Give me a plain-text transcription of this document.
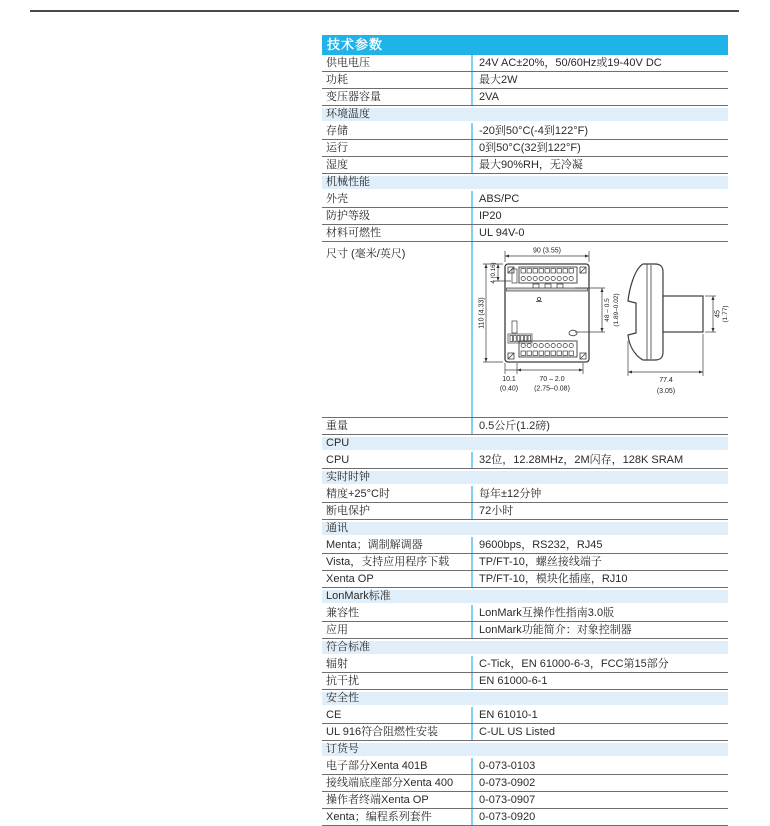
技术参数
供电电压	24V AC±20%，50/60Hz或19-40V DC
功耗	最大2W
变压器容量	2VA
环境温度
存储	-20到50°C(-4到122°F)
运行	0到50°C(32到122°F)
湿度	最大90%RH，无冷凝
机械性能
外壳	ABS/PC
防护等级	IP20
材料可燃性	UL 94V-0
尺寸 (毫米/英尺)	90 (3.55)
110 (4.33)
4 (0.16)
48 – 0.5 (1.89–0.02)
10.1
(0.40)
70 – 2.0
(2.75–0.08)
77.4
(3.05)
45 (1.77)
重量	0.5公斤(1.2磅)
CPU
CPU	32位，12.28MHz，2M闪存，128K SRAM
实时时钟
精度+25°C时	每年±12分钟
断电保护	72小时
通讯
Menta；调制解调器	9600bps，RS232，RJ45
Vista，支持应用程序下载	TP/FT-10，螺丝接线端子
Xenta OP	TP/FT-10，模块化插座，RJ10
LonMark标准
兼容性	LonMark互操作性指南3.0版
应用	LonMark功能简介：对象控制器
符合标准
辐射	C-Tick，EN 61000-6-3，FCC第15部分
抗干扰	EN 61000-6-1
安全性
CE	EN 61010-1
UL 916符合阻燃性安装	C-UL US Listed
订货号
电子部分Xenta 401B	0-073-0103
接线端底座部分Xenta 400	0-073-0902
操作者终端Xenta OP	0-073-0907
Xenta；编程系列套件	0-073-0920
